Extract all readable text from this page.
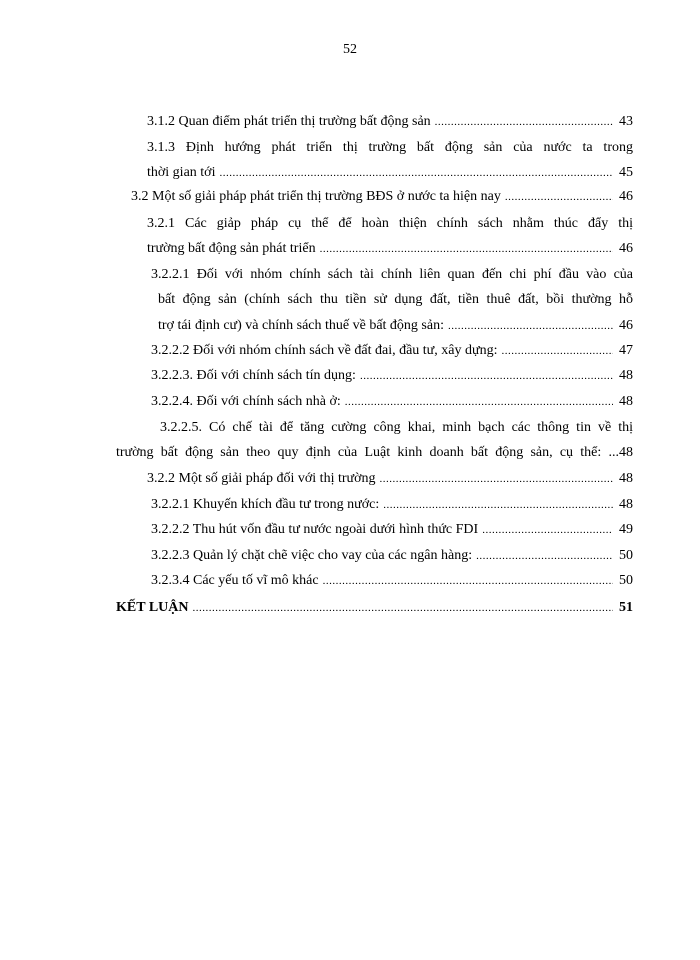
52
3.1.2 Quan điểm phát triển thị trường bất động sản .....	43
3.1.3 Định hướng phát triển thị trường bất động sản của nước ta trong
thời gian tới .....	45
3.2 Một số giải pháp phát triển thị trường BĐS ở nước ta hiện nay .....	46
3.2.1 Các giảp pháp cụ thể để hoàn thiện chính sách nhằm thúc đẩy thị
trường bất động sản phát triển .....	46
3.2.2.1 Đối với nhóm chính sách tài chính liên quan đến chi phí đầu vào của
bất động sản (chính sách thu tiền sử dụng đất, tiền thuê đất, bồi thường hỗ
trợ tái định cư) và chính sách thuế về bất động sản: .....	46
3.2.2.2 Đối với nhóm chính sách về đất đai, đầu tư, xây dựng: .....	47
3.2.2.3. Đối với chính sách tín dụng: .....	48
3.2.2.4. Đối với chính sách nhà ở: .....	48
3.2.2.5. Có chế tài để tăng cường công khai, minh bạch các thông tin về thị
trường bất động sản theo quy định của Luật kinh doanh bất động sản, cụ thể: ...48
3.2.2 Một số giải pháp đối với thị trường .....	48
3.2.2.1 Khuyến khích đầu tư trong nước: .....	48
3.2.2.2 Thu hút vốn đầu tư nước ngoài dưới hình thức FDI .....	49
3.2.2.3 Quản lý chặt chẽ việc cho vay của các ngân hàng: .....	50
3.2.3.4 Các yếu tố vĩ mô khác .....	50
KẾT LUẬN .....	51
